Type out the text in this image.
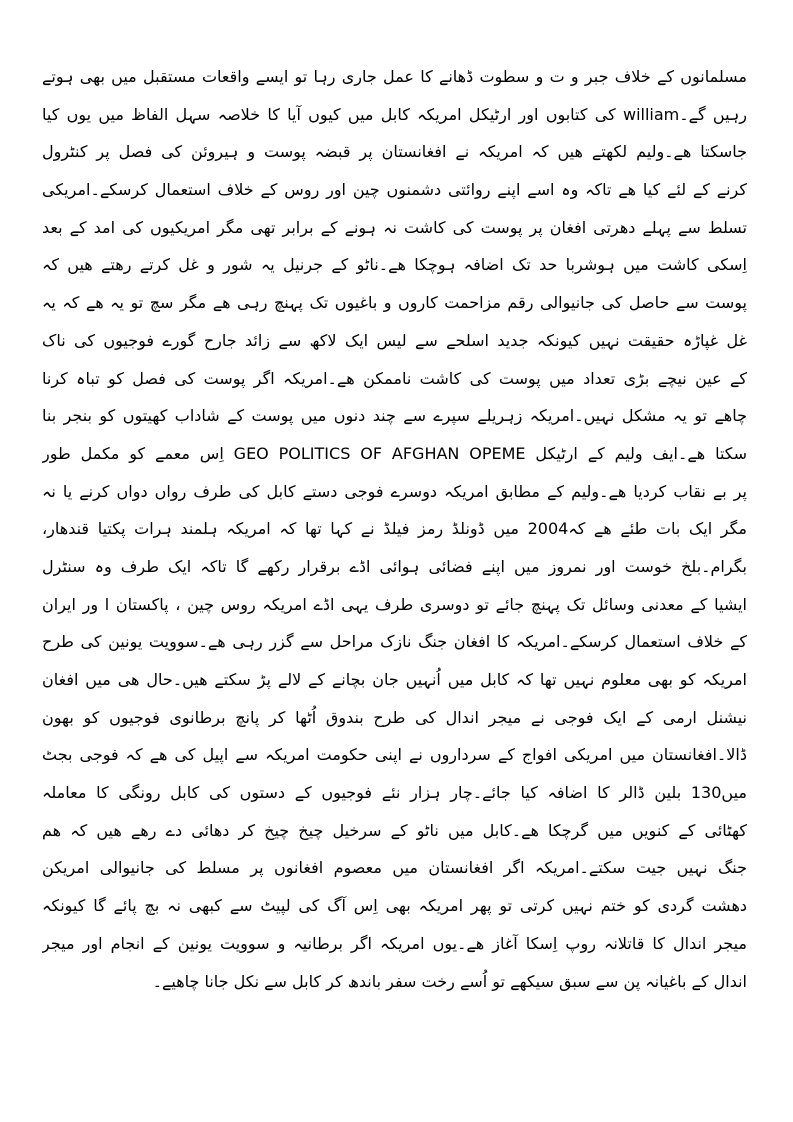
مسلمانوں کے خلاف جبر و ت و سطوت ڈھانے کا عمل جاری رہا تو ایسے واقعات مستقبل میں بھی ہوتے
رہیں گے۔william کی کتابوں اور ارٹیکل امریکہ کابل میں کیوں آیا کا خلاصہ سہل الفاظ میں یوں کیا
جاسکتا ھے۔ولیم لکھتے ھیں کہ امریکہ نے افغانستان پر قبضہ پوست و ہیروئن کی فصل پر کنٹرول
کرنے کے لئے کیا ھے تاکہ وہ اسے اپنے روائتی دشمنوں چین اور روس کے خلاف استعمال کرسکے۔امریکی
تسلط سے پہلے دھرتی افغان پر پوست کی کاشت نہ ہونے کے برابر تھی مگر امریکیوں کی امد کے بعد
اِسکی کاشت میں ہوشربا حد تک اضافہ ہوچکا ھے۔ناٹو کے جرنیل یہ شور و غل کرتے رھتے ھیں کہ
پوست سے حاصل کی جانیوالی رقم مزاحمت کاروں و باغیوں تک پہنچ رہی ھے مگر سچ تو یہ ھے کہ یہ
غل غپاڑہ حقیقت نہیں کیونکہ جدید اسلحے سے لیس ایک لاکھ سے زائد جارح گورے فوجیوں کی ناک
کے عین نیچے بڑی تعداد میں پوست کی کاشت ناممکن ھے۔امریکہ اگر پوست کی فصل کو تباہ کرنا
چاھے تو یہ مشکل نہیں۔امریکہ زہریلے سپرے سے چند دنوں میں پوست کے شاداب کھیتوں کو بنجر بنا
سکتا ھے۔ایف ولیم کے ارٹیکل GEO POLITICS OF AFGHAN OPEME اِس معمے کو مکمل طور
پر بے نقاب کردیا ھے۔ولیم کے مطابق امریکہ دوسرے فوجی دستے کابل کی طرف رواں دواں کرنے یا نہ
مگر ایک بات طئے ھے کہ2004 میں ڈونلڈ رمز فیلڈ نے کہا تھا کہ امریکہ ہلمند ہرات پکتیا قندھار،
بگرام۔بلخ خوست اور نمروز میں اپنے فضائی ہوائی اڈے برقرار رکھے گا تاکہ ایک طرف وہ سنٹرل
ایشیا کے معدنی وسائل تک پہنچ جائے تو دوسری طرف یہی اڈے امریکہ روس چین ، پاکستان ا ور ایران
کے خلاف استعمال کرسکے۔امریکہ کا افغان جنگ نازک مراحل سے گزر رہی ھے۔سوویت یونین کی طرح
امریکہ کو بھی معلوم نہیں تھا کہ کابل میں اُنہیں جان بچانے کے لالے پڑ سکتے ھیں۔حال ھی میں افغان
نیشنل ارمی کے ایک فوجی نے میجر اندال کی طرح بندوق اُٹھا کر پانچ برطانوی فوجیوں کو بھون
ڈالا۔افغانستان میں امریکی افواج کے سرداروں نے اپنی حکومت امریکہ سے اپیل کی ھے کہ فوجی بجٹ
میں130 بلین ڈالر کا اضافہ کیا جائے۔چار ہزار نئے فوجیوں کے دستوں کی کابل رونگی کا معاملہ
کھٹائی کے کنویں میں گرچکا ھے۔کابل میں ناٹو کے سرخیل چیخ چیخ کر دھائی دے رھے ھیں کہ ھم
جنگ نہیں جیت سکتے۔امریکہ اگر افغانستان میں معصوم افغانوں پر مسلط کی جانیوالی امریکن
دھشت گردی کو ختم نہیں کرتی تو پھر امریکہ بھی اِس آگ کی لپیٹ سے کبھی نہ بچ پائے گا کیونکہ
میجر اندال کا قاتلانہ روپ اِسکا آغاز ھے۔یوں امریکہ اگر برطانیہ و سوویت یونین کے انجام اور میجر
اندال کے باغیانہ پن سے سبق سیکھے تو اُسے رخت سفر باندھ کر کابل سے نکل جانا چاھیے۔
